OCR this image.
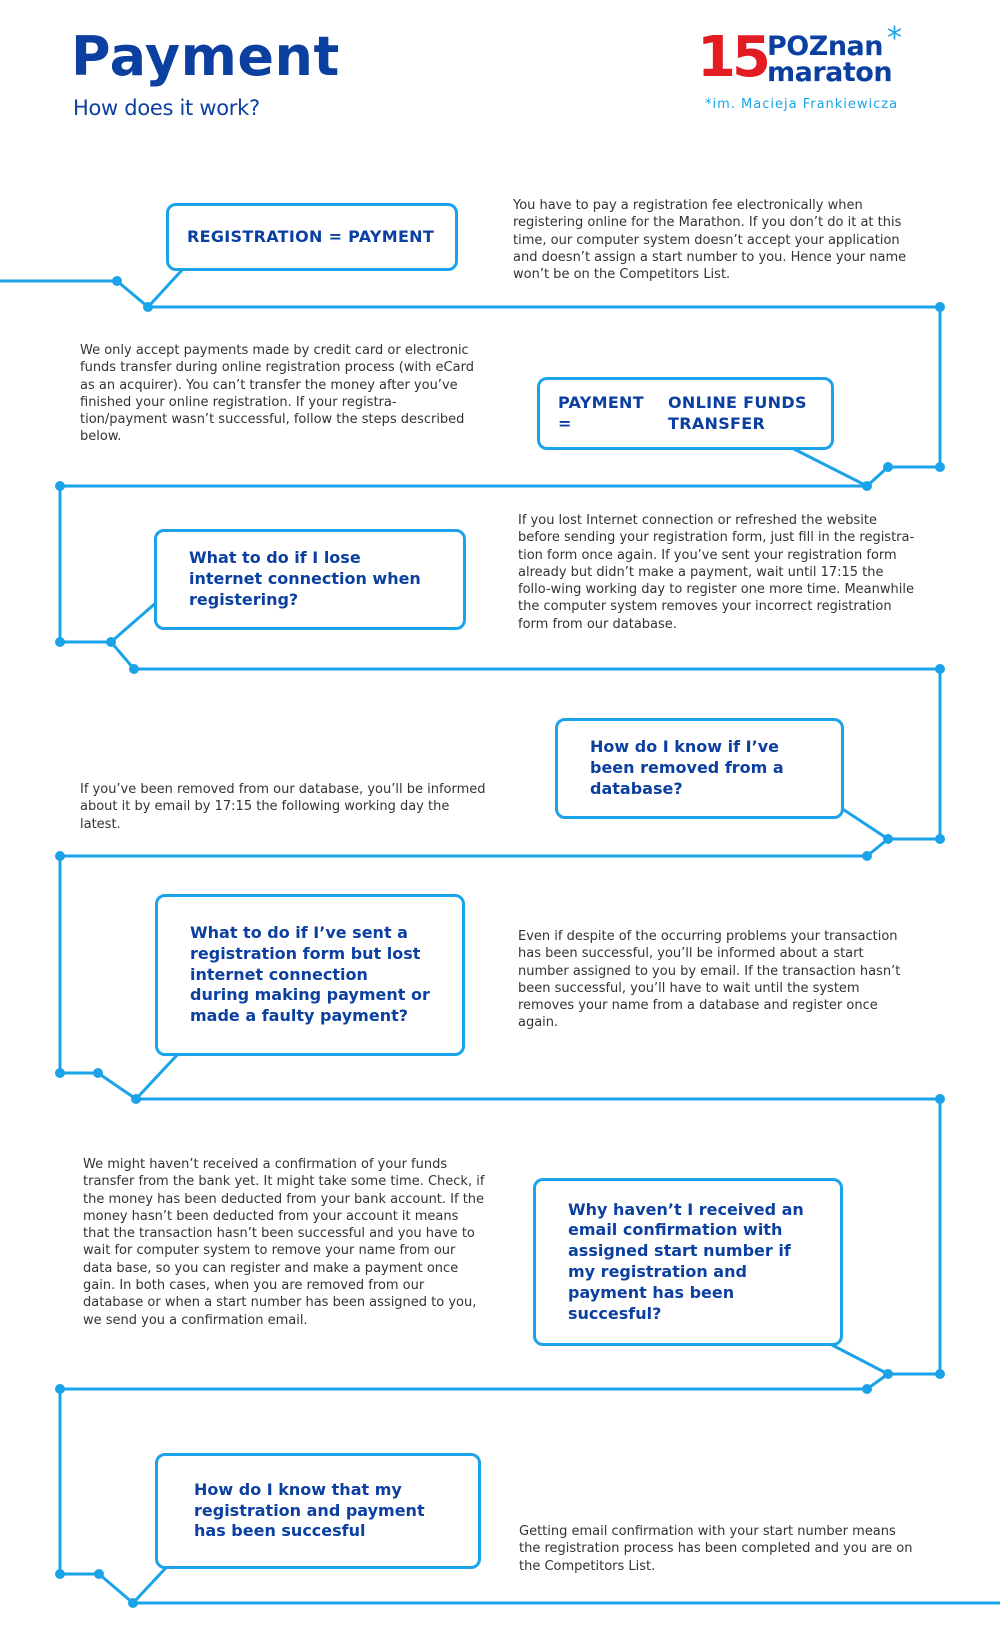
Payment
How does it work?
15 POZnan
maraton
*
*im. Macieja Frankiewicza
REGISTRATION = PAYMENT

You have to pay a registration fee electronically when registering online for the Marathon. If you don’t do it at this time, our computer system doesn’t accept your application and doesn’t assign a start number to you. Hence your name won’t be on the Competitors List.

We only accept payments made by credit card or electronic funds transfer during online registration process (with eCard as an acquirer). You can’t transfer the money after you’ve finished your online registration. If your registra-tion/payment wasn’t successful, follow the steps described below.

PAYMENT =
ONLINE FUNDS TRANSFER
What to do if I lose internet connection when registering?

If you lost Internet connection or refreshed the website before sending your registration form, just fill in the registra-tion form once again. If you’ve sent your registration form already but didn’t make a payment, wait until 17:15 the follo-wing working day to register one more time. Meanwhile the computer system removes your incorrect registration form from our database.

How do I know if I’ve been removed from a database?

If you’ve been removed from our database, you’ll be informed about it by email by 17:15 the following working day the latest.

What to do if I’ve sent a registration form but lost internet connection during making payment or made a faulty payment?

Even if despite of the occurring problems your transaction has been successful, you’ll be informed about a start number assigned to you by email. If the transaction hasn’t been successful, you’ll have to wait until the system removes your name from a database and register once again.

We might haven’t received a confirmation of your funds transfer from the bank yet. It might take some time. Check, if the money has been deducted from your bank account. If the money hasn’t been deducted from your account it means that the transaction hasn’t been successful and you have to wait for computer system to remove your name from our data base, so you can register and make a payment once gain. In both cases, when you are removed from our database or when a start number has been assigned to you, we send you a confirmation email.

Why haven’t I received an email confirmation with assigned start number if my registration and payment has been succesful?
How do I know that my registration and payment has been succesful	Getting email confirmation with your start number means the registration process has been completed and you are on the Competitors List.
